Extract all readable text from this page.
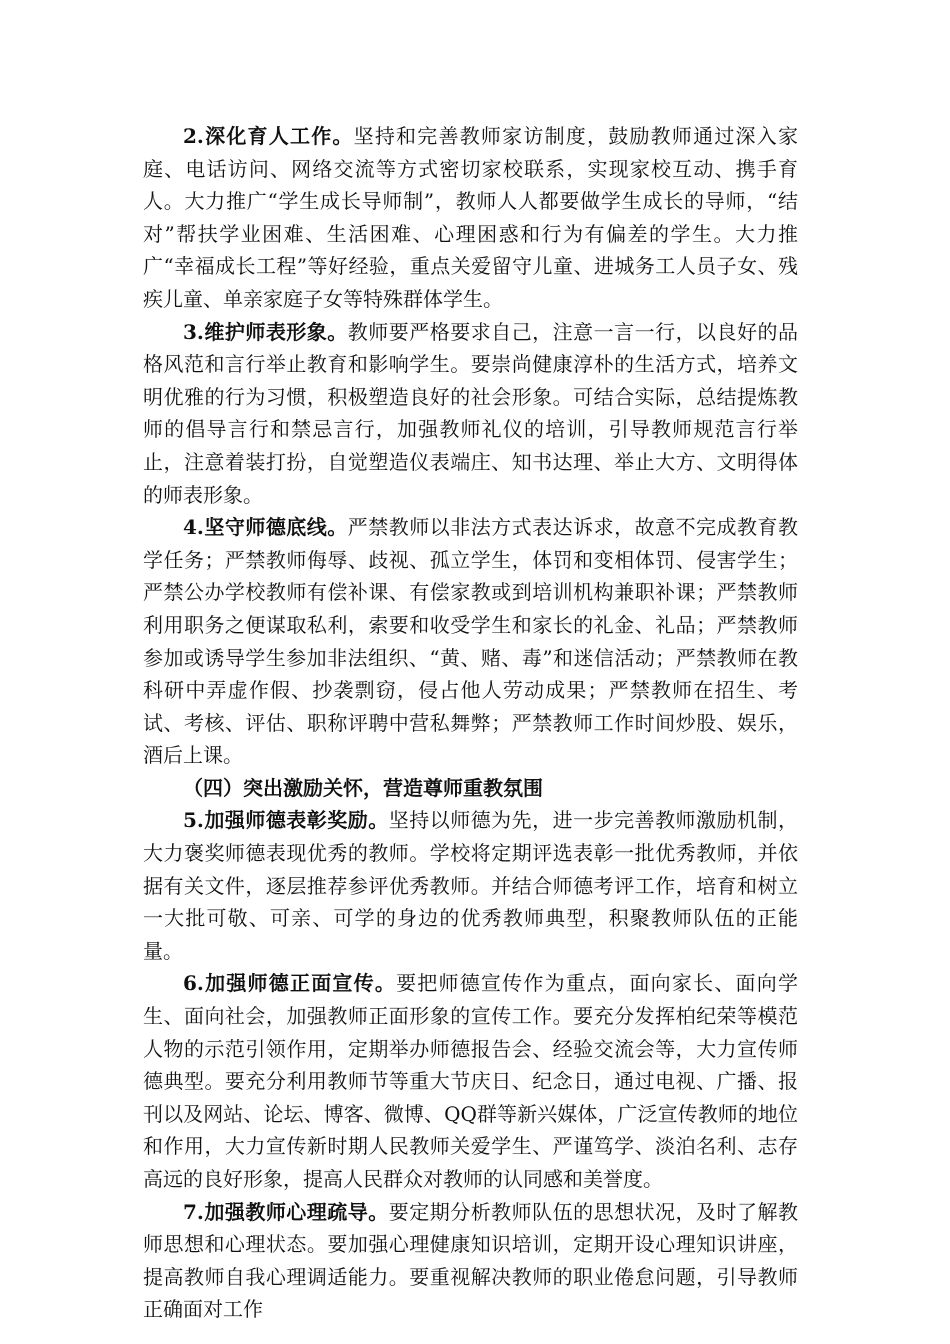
2.深化育人工作。坚持和完善教师家访制度，鼓励教师通过深入家庭、电话访问、网络交流等方式密切家校联系，实现家校互动、携手育人。大力推广“学生成长导师制”，教师人人都要做学生成长的导师，“结对”帮扶学业困难、生活困难、心理困惑和行为有偏差的学生。大力推广“幸福成长工程”等好经验，重点关爱留守儿童、进城务工人员子女、残疾儿童、单亲家庭子女等特殊群体学生。

3.维护师表形象。教师要严格要求自己，注意一言一行，以良好的品格风范和言行举止教育和影响学生。要崇尚健康淳朴的生活方式，培养文明优雅的行为习惯，积极塑造良好的社会形象。可结合实际，总结提炼教师的倡导言行和禁忌言行，加强教师礼仪的培训，引导教师规范言行举止，注意着装打扮，自觉塑造仪表端庄、知书达理、举止大方、文明得体的师表形象。

4.坚守师德底线。严禁教师以非法方式表达诉求，故意不完成教育教学任务；严禁教师侮辱、歧视、孤立学生，体罚和变相体罚、侵害学生；严禁公办学校教师有偿补课、有偿家教或到培训机构兼职补课；严禁教师利用职务之便谋取私利，索要和收受学生和家长的礼金、礼品；严禁教师参加或诱导学生参加非法组织、“黄、赌、毒”和迷信活动；严禁教师在教科研中弄虚作假、抄袭剽窃，侵占他人劳动成果；严禁教师在招生、考试、考核、评估、职称评聘中营私舞弊；严禁教师工作时间炒股、娱乐，酒后上课。

（四）突出激励关怀，营造尊师重教氛围

5.加强师德表彰奖励。坚持以师德为先，进一步完善教师激励机制，大力褒奖师德表现优秀的教师。学校将定期评选表彰一批优秀教师，并依据有关文件，逐层推荐参评优秀教师。并结合师德考评工作，培育和树立一大批可敬、可亲、可学的身边的优秀教师典型，积聚教师队伍的正能量。

6.加强师德正面宣传。要把师德宣传作为重点，面向家长、面向学生、面向社会，加强教师正面形象的宣传工作。要充分发挥柏纪荣等模范人物的示范引领作用，定期举办师德报告会、经验交流会等，大力宣传师德典型。要充分利用教师节等重大节庆日、纪念日，通过电视、广播、报刊以及网站、论坛、博客、微博、QQ群等新兴媒体，广泛宣传教师的地位和作用，大力宣传新时期人民教师关爱学生、严谨笃学、淡泊名利、志存高远的良好形象，提高人民群众对教师的认同感和美誉度。

7.加强教师心理疏导。要定期分析教师队伍的思想状况，及时了解教师思想和心理状态。要加强心理健康知识培训，定期开设心理知识讲座，提高教师自我心理调适能力。要重视解决教师的职业倦怠问题，引导教师正确面对工作
